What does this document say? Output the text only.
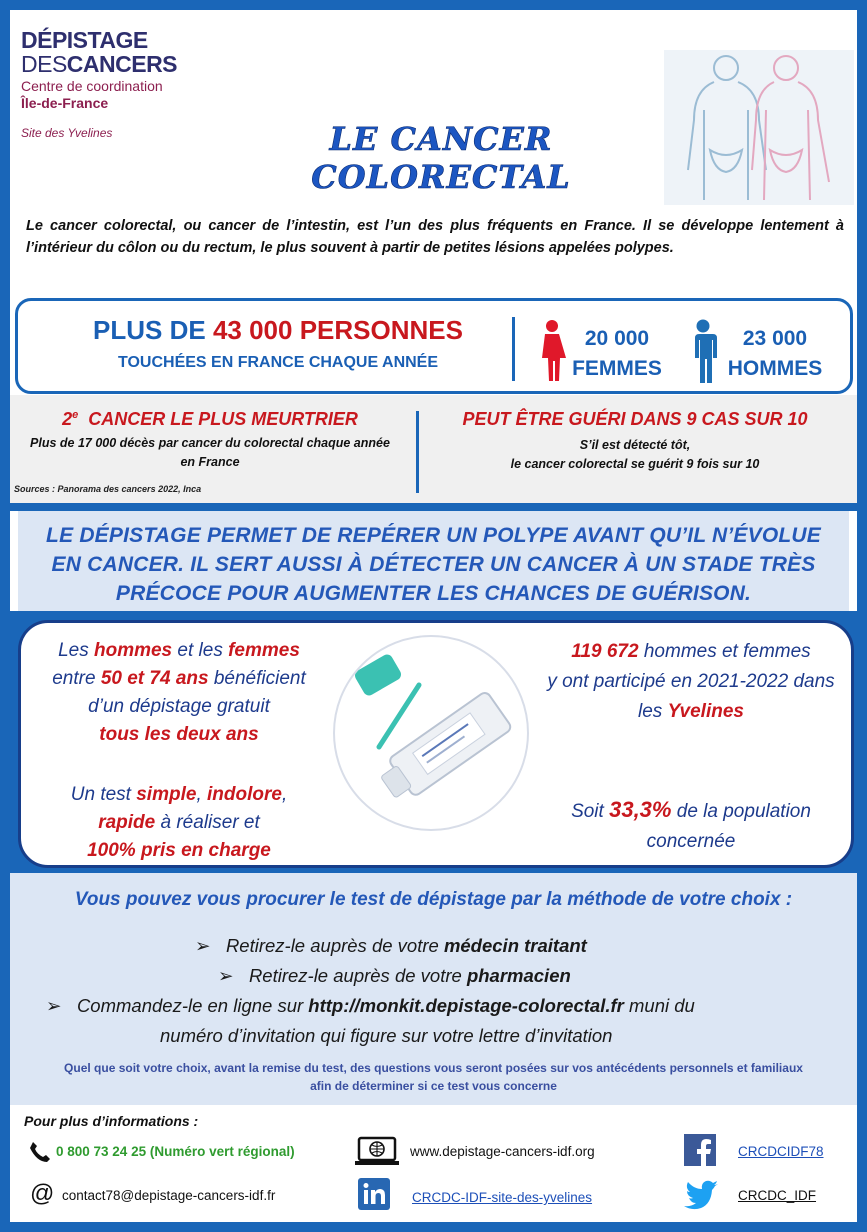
DÉPISTAGE
DESCANCERS
Centre de coordination
Île-de-France
Site des Yvelines	LE CANCER COLORECTAL

Le cancer colorectal, ou cancer de l’intestin, est l’un des plus fréquents en France. Il se développe lentement à l’intérieur du côlon ou du rectum, le plus souvent à partir de petites lésions appelées polypes.

PLUS DE 43 000 PERSONNES
TOUCHÉES EN FRANCE CHAQUE ANNÉE
20 000
FEMMES
23 000
HOMMES
2e CANCER LE PLUS MEURTRIER
Plus de 17 000 décès par cancer du colorectal chaque année en France
Sources : Panorama des cancers 2022, Inca
PEUT ÊTRE GUÉRI DANS 9 CAS SUR 10
S’il est détecté tôt,
le cancer colorectal se guérit 9 fois sur 10
LE DÉPISTAGE PERMET DE REPÉRER UN POLYPE AVANT QU’IL N’ÉVOLUE
EN CANCER. IL SERT AUSSI À DÉTECTER UN CANCER À UN STADE TRÈS
PRÉCOCE POUR AUGMENTER LES CHANCES DE GUÉRISON.
Les hommes et les femmes
entre 50 et 74 ans bénéficient
d’un dépistage gratuit
tous les deux ans
Un test simple, indolore,
rapide à réaliser et
100% pris en charge
119 672 hommes et femmes
y ont participé en 2021-2022 dans
les Yvelines
Soit 33,3% de la population
concernée
Vous pouvez vous procurer le test de dépistage par la méthode de votre choix :
➢ Retirez-le auprès de votre médecin traitant
➢ Retirez-le auprès de votre pharmacien
➢ Commandez-le en ligne sur http://monkit.depistage-colorectal.fr muni du
numéro d’invitation qui figure sur votre lettre d’invitation
Quel que soit votre choix, avant la remise du test, des questions vous seront posées sur vos antécédents personnels et familiaux
afin de déterminer si ce test vous concerne
Pour plus d’informations :
0 800 73 24 25 (Numéro vert régional)	www.depistage-cancers-idf.org	CRCDCIDF78
@ contact78@depistage-cancers-idf.fr	CRCDC-IDF-site-des-yvelines	CRCDC_IDF
